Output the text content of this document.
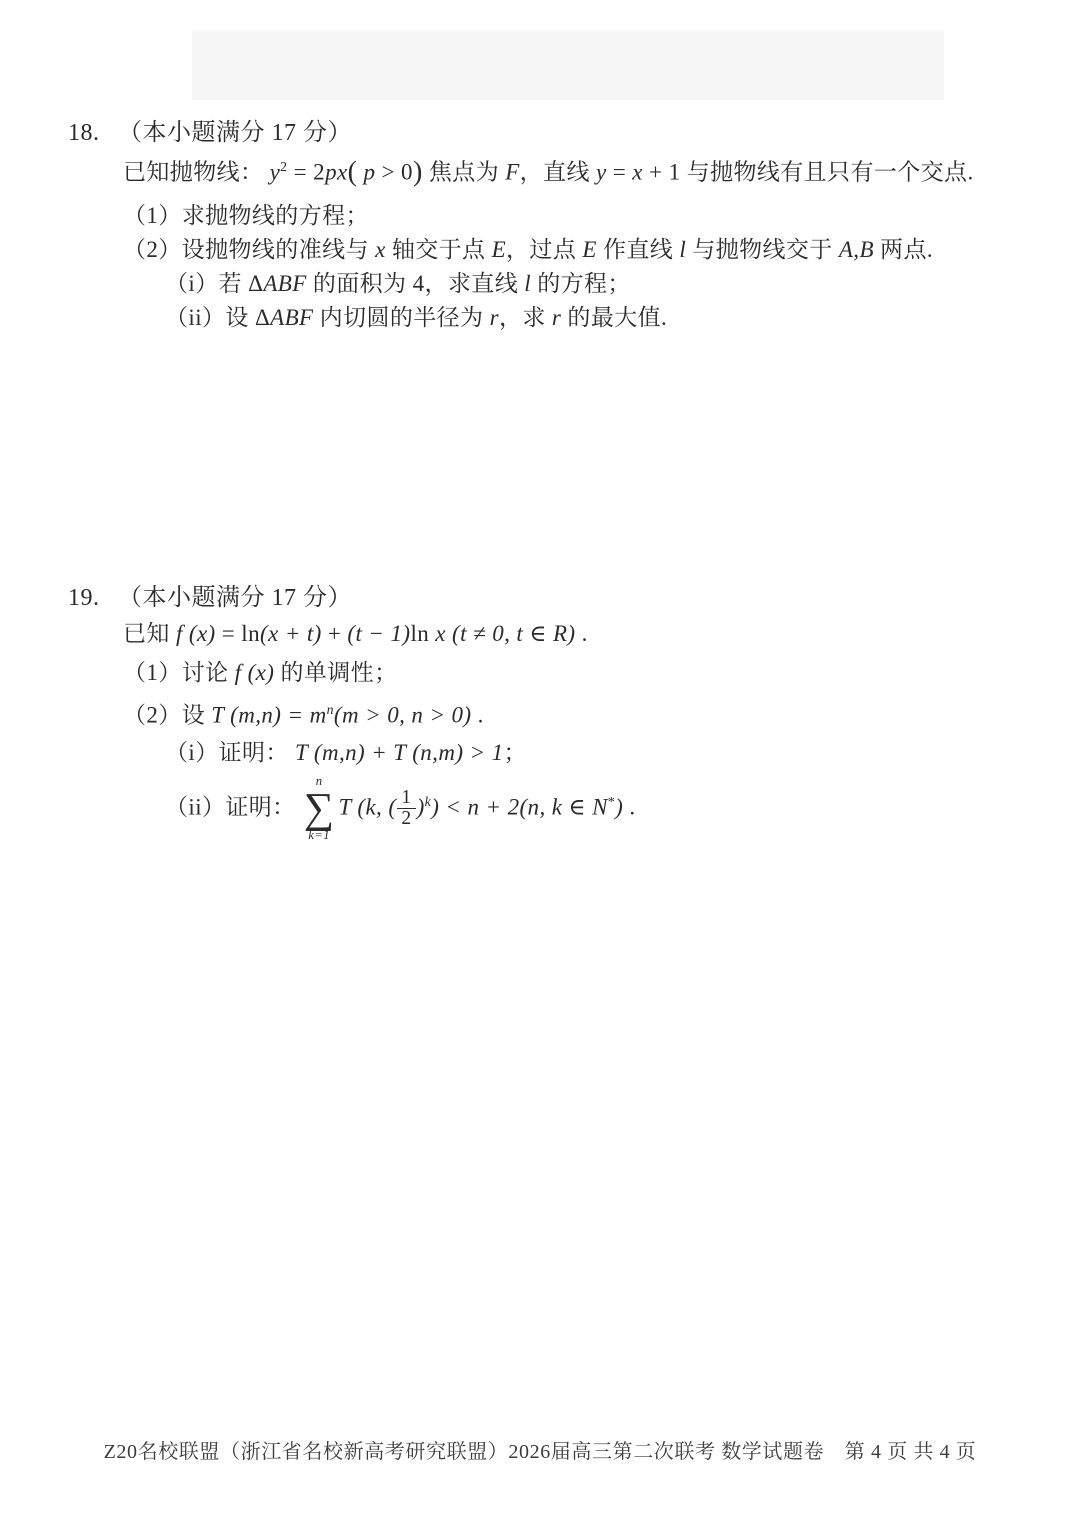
18. （本小题满分 17 分）
已知抛物线： $y^2 = 2px$( p > 0) 焦点为 F，直线 y = x + 1 与抛物线有且只有一个交点.
（1）求抛物线的方程；
（2）设抛物线的准线与 x 轴交于点 E，过点 E 作直线 l 与抛物线交于 A,B 两点.
（i）若 ΔABF 的面积为 4，求直线 l 的方程；
（ii）设 ΔABF 内切圆的半径为 r，求 r 的最大值.
19. （本小题满分 17 分）
已知 f (x) = ln(x + t) + (t − 1)ln x (t ≠ 0, t ∈ R) .
（1）讨论 f (x) 的单调性；
（2）设 T $(m,n) = m^n(m > 0$, n > 0) .
（i）证明： T (m,n) + T (n,m) > 1；
（ii）证明：
n
∑
k=1
T (k, ( $\frac{1}{2} )^k) < n + 2(n$, k ∈ N*) .
Z20名校联盟（浙江省名校新高考研究联盟）2026届高三第二次联考 数学试题卷　第 4 页 共 4 页
